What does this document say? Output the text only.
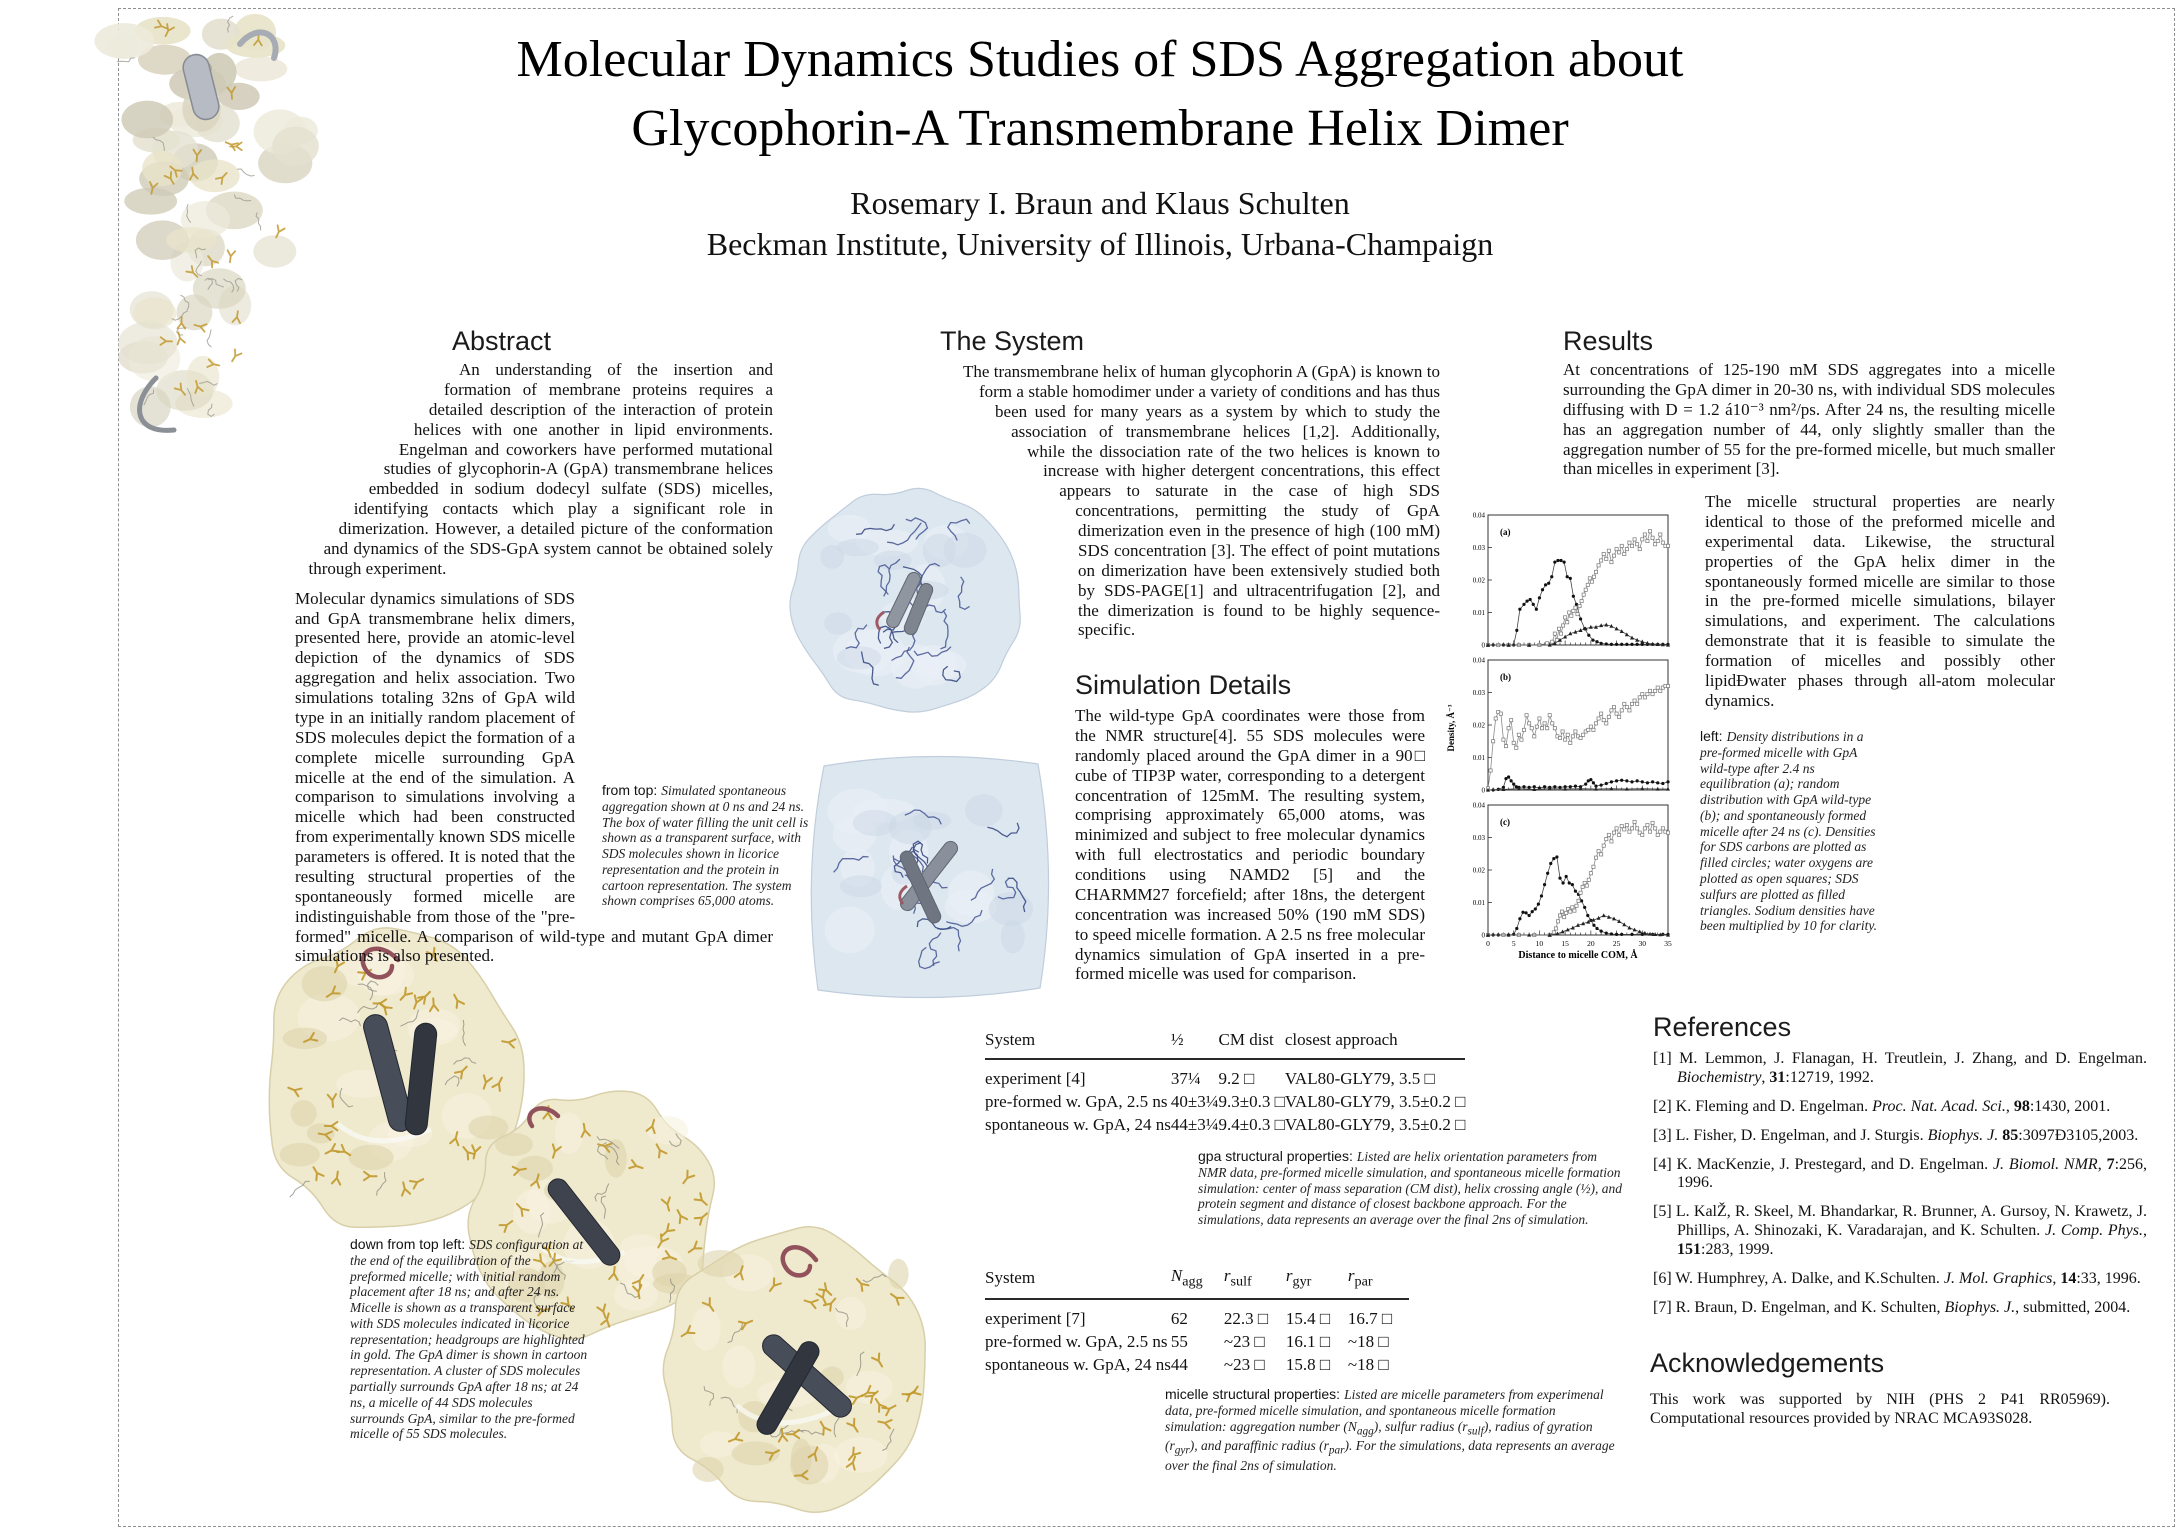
Molecular Dynamics Studies of SDS Aggregation about
Glycophorin-A Transmembrane Helix Dimer
Rosemary I. Braun and Klaus Schulten
Beckman Institute, University of Illinois, Urbana-Champaign
Abstract	The System	Results
Simulation Details
References
Acknowledgements

An understanding of the insertion and formation of membrane proteins requires a detailed description of the interaction of protein helices with one another in lipid environments. Engelman and coworkers have performed mutational studies of glycophorin-A (GpA) transmembrane helices embedded in sodium dodecyl sulfate (SDS) micelles, identifying contacts which play a significant role in dimerization. However, a detailed picture of the conformation and dynamics of the SDS-GpA system cannot be obtained solely through experiment.

Molecular dynamics simulations of SDS and GpA transmembrane helix dimers, presented here, provide an atomic-level depiction of the dynamics of SDS aggregation and helix association. Two simulations totaling 32ns of GpA wild type in an initially random placement of SDS molecules depict the formation of a complete micelle surrounding GpA micelle at the end of the simulation. A comparison to simulations involving a micelle which had been constructed from experimentally known SDS micelle parameters is offered. It is noted that the resulting structural properties of the spontaneously formed micelle are indistinguishable from those of the "pre-formed" micelle. A comparison of wild-type and mutant GpA dimer simulations is also presented.

The transmembrane helix of human glycophorin A (GpA) is known to form a stable homodimer under a variety of conditions and has thus been used for many years as a system by which to study the association of transmembrane helices [1,2]. Additionally, while the dissociation rate of the two helices is known to increase with higher detergent concentrations, this effect appears to saturate in the case of high SDS concentrations, permitting the study of GpA dimerization even in the presence of high (100 mM) SDS concentration [3]. The effect of point mutations on dimerization have been extensively studied both by SDS-PAGE[1] and ultracentrifugation [2], and the dimerization is found to be highly sequence-specific.

The wild-type GpA coordinates were those from the NMR structure[4]. 55 SDS molecules were randomly placed around the GpA dimer in a 90□ cube of TIP3P water, corresponding to a detergent concentration of 125mM. The resulting system, comprising approximately 65,000 atoms, was minimized and subject to free molecular dynamics with full electrostatics and periodic boundary conditions using NAMD2 [5] and the CHARMM27 forcefield; after 18ns, the detergent concentration was increased 50% (190 mM SDS) to speed micelle formation. A 2.5 ns free molecular dynamics simulation of GpA inserted in a pre-formed micelle was used for comparison.

At concentrations of 125-190 mM SDS aggregates into a micelle surrounding the GpA dimer in 20-30 ns, with individual SDS molecules diffusing with D = 1.2 á10⁻³ nm²/ps. After 24 ns, the resulting micelle has an aggregation number of 44, only slightly smaller than the aggregation number of 55 for the pre-formed micelle, but much smaller than micelles in experiment [3].

The micelle structural properties are nearly identical to those of the preformed micelle and experimental data. Likewise, the structural properties of the GpA helix dimer in the spontaneously formed micelle are similar to those in the pre-formed micelle simulations, bilayer simulations, and experiment. The calculations demonstrate that it is feasible to simulate the formation of micelles and possibly other lipidĐwater phases through all-atom molecular dynamics.

0
0.01
0.02
0.03
0.04
(a)
0
0.01
0.02
0.03
0.04
(b)
0
0.01
0.02
0.03
0.04
(c)
0	5	10 15 20 25 30 35
Distance to micelle COM, Å
Density, Å⁻³
from top: Simulated spontaneous aggregation shown at 0 ns and 24 ns. The box of water filling the unit cell is shown as a transparent surface, with SDS molecules shown in licorice representation and the protein in cartoon representation. The system shown comprises 65,000 atoms.
down from top left: SDS configuration at the end of the equilibration of the preformed micelle; with initial random placement after 18 ns; and after 24 ns. Micelle is shown as a transparent surface with SDS molecules indicated in licorice representation; headgroups are highlighted in gold. The GpA dimer is shown in cartoon representation. A cluster of SDS molecules partially surrounds GpA after 18 ns; at 24 ns, a micelle of 44 SDS molecules surrounds GpA, similar to the pre-formed micelle of 55 SDS molecules.
left: Density distributions in a pre-formed micelle with GpA wild-type after 2.4 ns equilibration (a); random distribution with GpA wild-type (b); and spontaneously formed micelle after 24 ns (c). Densities for SDS carbons are plotted as filled circles; water oxygens are plotted as open squares; SDS sulfurs are plotted as filled triangles. Sodium densities have been multiplied by 10 for clarity.
System	½	CM dist	closest approach
experiment [4]	37¼	9.2 □	VAL80-GLY79, 3.5 □
pre-formed w. GpA, 2.5 ns	40±3¼	9.3±0.3 □	VAL80-GLY79, 3.5±0.2 □
spontaneous w. GpA, 24 ns	44±3¼	9.4±0.3 □	VAL80-GLY79, 3.5±0.2 □
gpa structural properties: Listed are helix orientation parameters from NMR data, pre-formed micelle simulation, and spontaneous micelle formation simulation: center of mass separation (CM dist), helix crossing angle (½), and protein segment and distance of closest backbone approach. For the simulations, data represents an average over the final 2ns of simulation.
System	$N_{agg}$	$r_{sulf}$	$r_{gyr}$	$r_{par}$
experiment [7]	62	22.3 □	15.4 □	16.7 □
pre-formed w. GpA, 2.5 ns	55	~23 □	16.1 □	~18 □
spontaneous w. GpA, 24 ns	44	~23 □	15.8 □	~18 □
micelle structural properties: Listed are micelle parameters from experimenal data, pre-formed micelle simulation, and spontaneous micelle formation simulation: aggregation number $(N_{agg})$, sulfur radius $(r_{sulf})$, radius of gyration $(r_{gyr})$, and paraffinic radius $(r_{par})$. For the simulations, data represents an average over the final 2ns of simulation.
[1] M. Lemmon, J. Flanagan, H. Treutlein, J. Zhang, and D. Engelman. Biochemistry, 31:12719, 1992.
[2] K. Fleming and D. Engelman. Proc. Nat. Acad. Sci., 98:1430, 2001.
[3] L. Fisher, D. Engelman, and J. Sturgis. Biophys. J. 85:3097Đ3105,2003.
[4] K. MacKenzie, J. Prestegard, and D. Engelman. J. Biomol. NMR, 7:256, 1996.
[5] L. KalŽ, R. Skeel, M. Bhandarkar, R. Brunner, A. Gursoy, N. Krawetz, J. Phillips, A. Shinozaki, K. Varadarajan, and K. Schulten. J. Comp. Phys., 151:283, 1999.
[6] W. Humphrey, A. Dalke, and K.Schulten. J. Mol. Graphics, 14:33, 1996.
[7] R. Braun, D. Engelman, and K. Schulten, Biophys. J., submitted, 2004.
This work was supported by NIH (PHS 2 P41 RR05969). Computational resources provided by NRAC MCA93S028.
